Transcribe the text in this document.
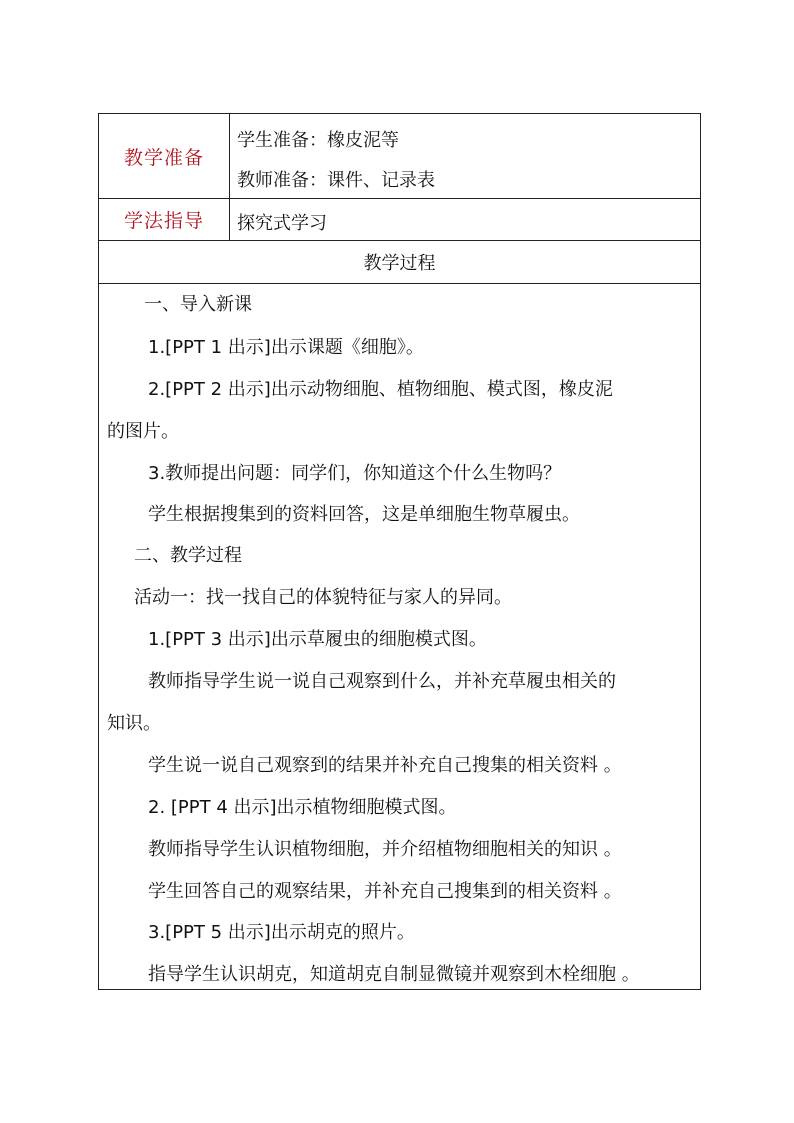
教学准备
学生准备：橡皮泥等
教师准备：课件、记录表
学法指导	探究式学习
教学过程
一、导入新课
1.[PPT 1 出示]出示课题《细胞》。
2.[PPT 2 出示]出示动物细胞、植物细胞、模式图，橡皮泥
的图片。
3.教师提出问题：同学们，你知道这个什么生物吗？
学生根据搜集到的资料回答，这是单细胞生物草履虫。
二、教学过程
活动一：找一找自己的体貌特征与家人的异同。
1.[PPT 3 出示]出示草履虫的细胞模式图。
教师指导学生说一说自己观察到什么，并补充草履虫相关的
知识。
学生说一说自己观察到的结果并补充自己搜集的相关资料 。
2. [PPT 4 出示]出示植物细胞模式图。
教师指导学生认识植物细胞，并介绍植物细胞相关的知识 。
学生回答自己的观察结果，并补充自己搜集到的相关资料 。
3.[PPT 5 出示]出示胡克的照片。
指导学生认识胡克，知道胡克自制显微镜并观察到木栓细胞 。
